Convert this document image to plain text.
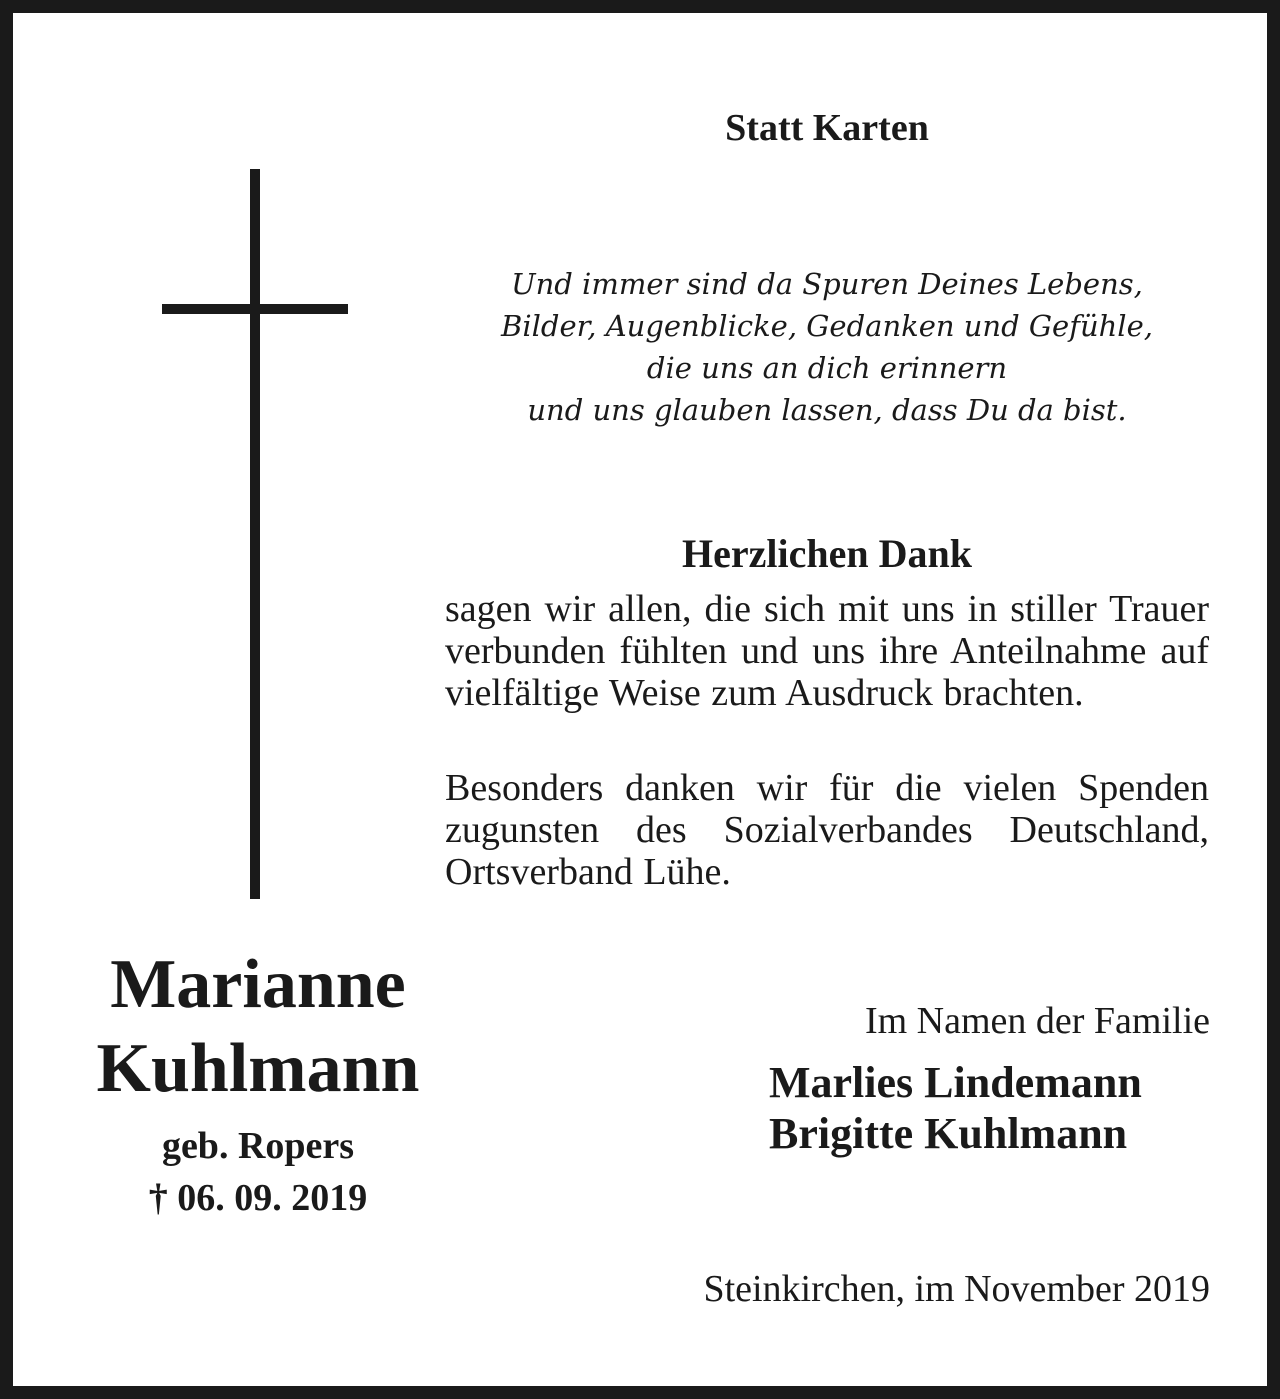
Statt Karten
Und immer sind da Spuren Deines Lebens,
Bilder, Augenblicke, Gedanken und Gefühle,
die uns an dich erinnern
und uns glauben lassen, dass Du da bist.
Herzlichen Dank
sagen wir allen, die sich mit uns in stiller Trauer verbunden fühlten und uns ihre Anteilnahme auf vielfältige Weise zum Ausdruck brachten.
Besonders danken wir für die vielen Spenden zugunsten des Sozialverbandes Deutschland, Ortsverband Lühe.
Marianne
Kuhlmann
geb. Ropers
† 06. 09. 2019
Im Namen der Familie
Marlies Lindemann
Brigitte Kuhlmann
Steinkirchen, im November 2019
